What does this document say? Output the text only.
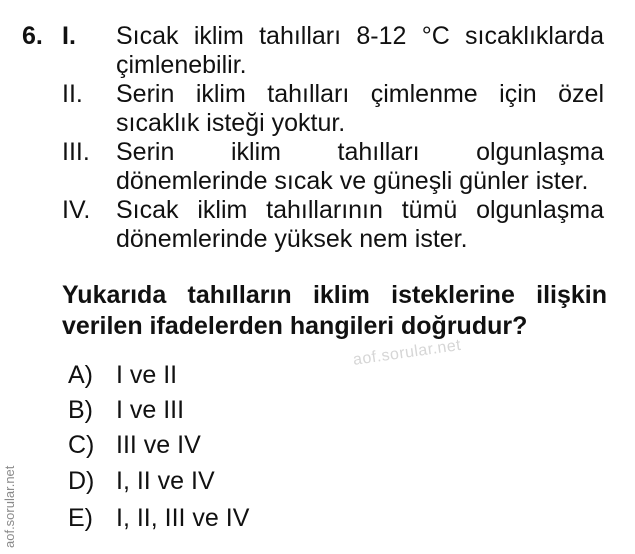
6. I. Sıcak iklim tahılları 8-12 °C sıcaklıklarda çimlenebilir.
II. Serin iklim tahılları çimlenme için özel sıcaklık isteği yoktur.
III. Serin iklim tahılları olgunlaşma dönemlerinde sıcak ve güneşli günler ister.
IV. Sıcak iklim tahıllarının tümü olgunlaşma dönemlerinde yüksek nem ister.
Yukarıda tahılların iklim isteklerine ilişkin verilen ifadelerden hangileri doğrudur?
A) I ve II
B) I ve III
C) III ve IV
D) I, II ve IV
E) I, II, III ve IV
aof.sorular.net
aof.sorular.net
